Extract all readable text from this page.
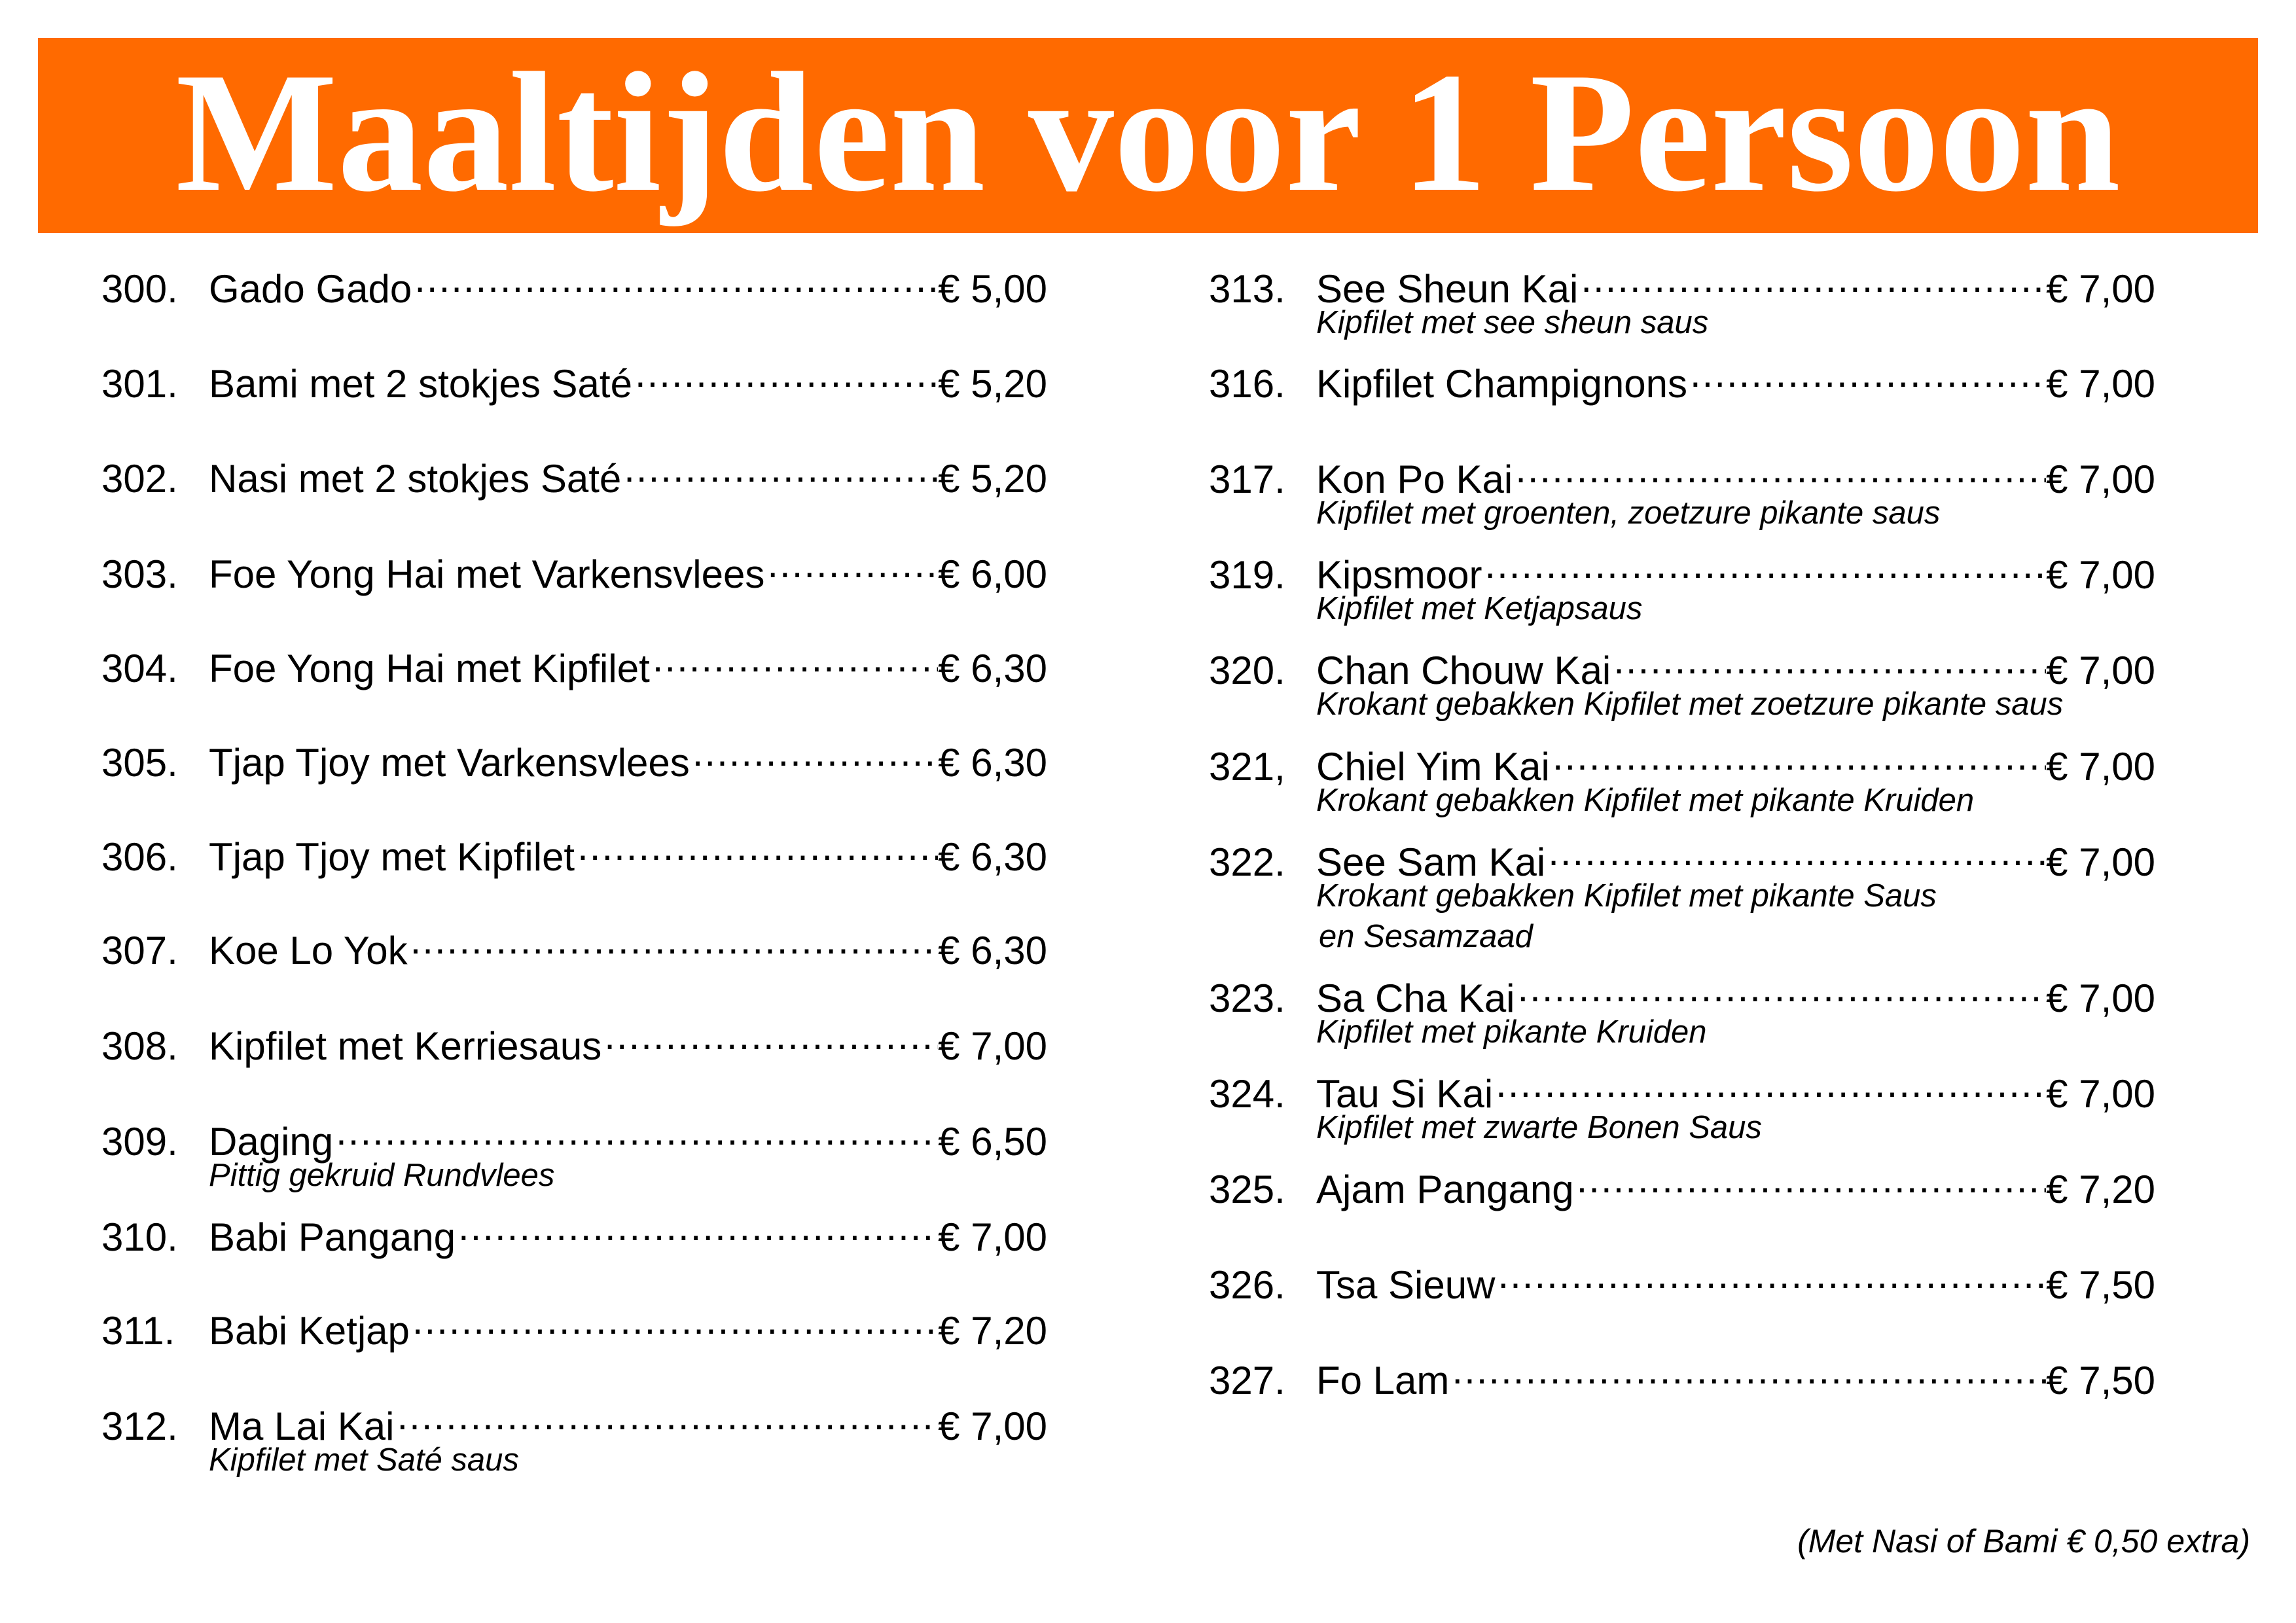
Maaltijden voor 1 Persoon
300. Gado Gado .....	€ 5,00
301. Bami met 2 stokjes Saté .....	€ 5,20
302. Nasi met 2 stokjes Saté .....	€ 5,20
303. Foe Yong Hai met Varkensvlees .....	€ 6,00
304. Foe Yong Hai met Kipfilet .....	€ 6,30
305. Tjap Tjoy met Varkensvlees .....	€ 6,30
306. Tjap Tjoy met Kipfilet .....	€ 6,30
307. Koe Lo Yok .....	€ 6,30
308. Kipfilet met Kerriesaus .....	€ 7,00
309. Daging .....	€ 6,50
Pittig gekruid Rundvlees
310. Babi Pangang .....	€ 7,00
311. Babi Ketjap .....	€ 7,20
312. Ma Lai Kai .....	€ 7,00
Kipfilet met Saté saus
313. See Sheun Kai .....	€ 7,00
Kipfilet met see sheun saus
316. Kipfilet Champignons .....	€ 7,00
317. Kon Po Kai .....	€ 7,00
Kipfilet met groenten, zoetzure pikante saus
319. Kipsmoor .....	€ 7,00
Kipfilet met Ketjapsaus
320. Chan Chouw Kai .....	€ 7,00
Krokant gebakken Kipfilet met zoetzure pikante saus
321, Chiel Yim Kai .....	€ 7,00
Krokant gebakken Kipfilet met pikante Kruiden
322. See Sam Kai .....	€ 7,00
Krokant gebakken Kipfilet met pikante Saus
en Sesamzaad
323. Sa Cha Kai .....	€ 7,00
Kipfilet met pikante Kruiden
324. Tau Si Kai .....	€ 7,00
Kipfilet met zwarte Bonen Saus
325. Ajam Pangang .....	€ 7,20
326. Tsa Sieuw .....	€ 7,50
327. Fo Lam .....	€ 7,50
(Met Nasi of Bami € 0,50 extra)
